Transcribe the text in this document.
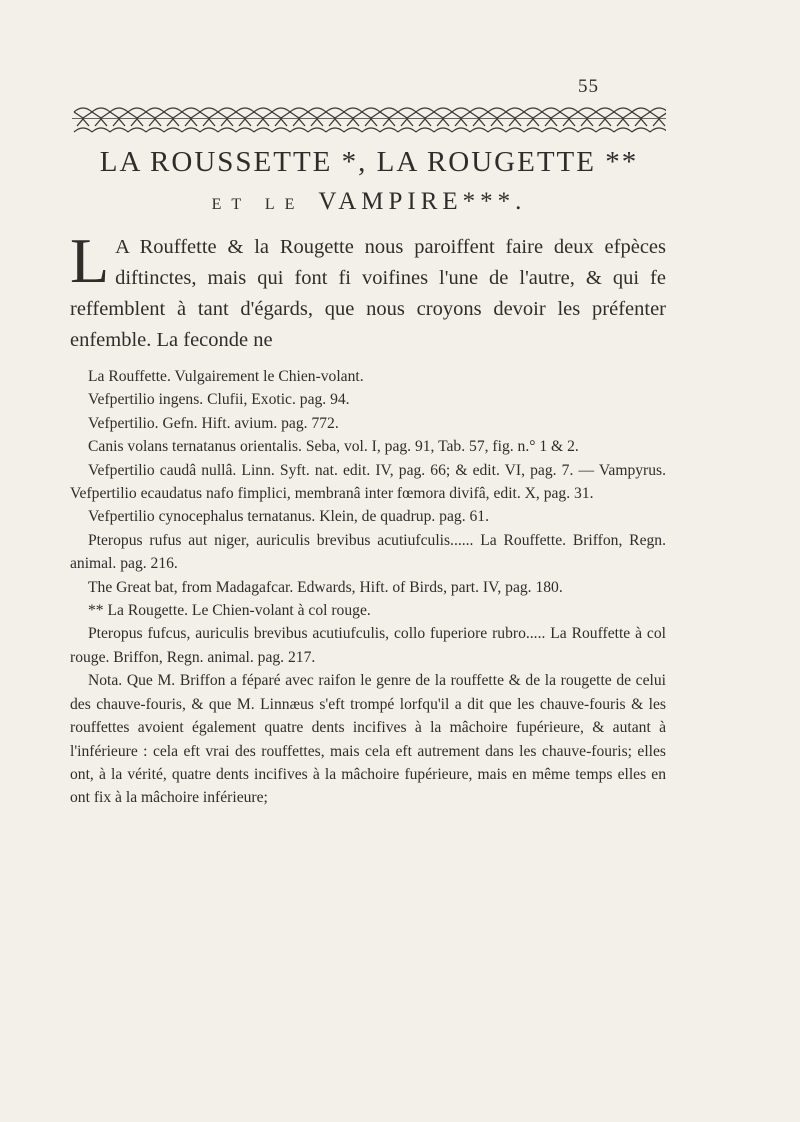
55
LA ROUSSETTE *, LA ROUGETTE **
ET LE VAMPIRE***.
L A Rouffette & la Rougette nous paroiffent faire deux efpèces diftinctes, mais qui font fi voifines l'une de l'autre, & qui fe reffemblent à tant d'égards, que nous croyons devoir les préfenter enfemble. La feconde ne

La Rouffette. Vulgairement le Chien-volant.

Vefpertilio ingens. Clufii, Exotic. pag. 94.

Vefpertilio. Gefn. Hift. avium. pag. 772.

Canis volans ternatanus orientalis. Seba, vol. I, pag. 91, Tab. 57, fig. n.° 1 & 2.

Vefpertilio caudâ nullâ. Linn. Syft. nat. edit. IV, pag. 66; & edit. VI, pag. 7. — Vampyrus. Vefpertilio ecaudatus nafo fimplici, membranâ inter fœmora divifâ, edit. X, pag. 31.

Vefpertilio cynocephalus ternatanus. Klein, de quadrup. pag. 61.

Pteropus rufus aut niger, auriculis brevibus acutiufculis...... La Rouffette. Briffon, Regn. animal. pag. 216.

The Great bat, from Madagafcar. Edwards, Hift. of Birds, part. IV, pag. 180.

** La Rougette. Le Chien-volant à col rouge.

Pteropus fufcus, auriculis brevibus acutiufculis, collo fuperiore rubro..... La Rouffette à col rouge. Briffon, Regn. animal. pag. 217.

Nota. Que M. Briffon a féparé avec raifon le genre de la rouffette & de la rougette de celui des chauve-fouris, & que M. Linnæus s'eft trompé lorfqu'il a dit que les chauve-fouris & les rouffettes avoient également quatre dents incifives à la mâchoire fupérieure, & autant à l'inférieure : cela eft vrai des rouffettes, mais cela eft autrement dans les chauve-fouris; elles ont, à la vérité, quatre dents incifives à la mâchoire fupérieure, mais en même temps elles en ont fix à la mâchoire inférieure;
